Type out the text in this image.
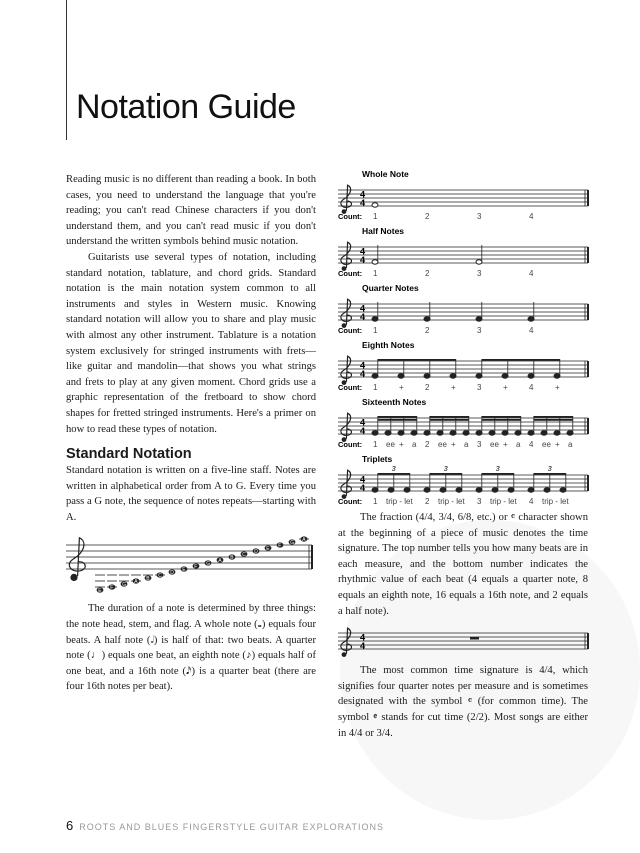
Notation Guide

Reading music is no different than reading a book. In both cases, you need to understand the language that you're reading; you can't read Chinese characters if you don't understand them, and you can't read music if you don't understand the written symbols behind music notation.

Guitarists use several types of notation, including standard notation, tablature, and chord grids. Standard notation is the main notation system common to all instruments and styles in Western music. Knowing standard notation will allow you to share and play music with almost any other instrument. Tablature is a notation system exclusively for stringed instruments with frets—like guitar and mandolin—that shows you what strings and frets to play at any given moment. Chord grids use a graphic representation of the fretboard to show chord shapes for fretted stringed instruments. Here's a primer on how to read these types of notation.

Standard Notation

Standard notation is written on a five-line staff. Notes are written in alphabetical order from A to G. Every time you pass a G note, the sequence of notes repeats—starting with A.

E F G A B C D E F G A B C D E F G A

The duration of a note is determined by three things: the note head, stem, and flag. A whole note (𝅝) equals four beats. A half note (𝅗𝅥) is half of that: two beats. A quarter note (♩) equals one beat, an eighth note (♪) equals half of one beat, and a 16th note (𝅘𝅥𝅯) is a quarter beat (there are four 16th notes per beat).

Whole Note
4
4
Count: 1	2	3	4
Half Notes
4
4
Count: 1	2	3	4
Quarter Notes
4
4
Count: 1	2	3	4
Eighth Notes
4
4
Count: 1	+	2	+	3	+	4	+
Sixteenth Notes
4
4
Count: 1 ee + a 2 ee + a 3 ee + a 4 ee + a
Triplets
4
4
Count:
3	3	3	3
1 trip - let 2 trip - let 3 trip - let 4 trip - let

The fraction (4/4, 3/4, 6/8, etc.) or 𝄴 character shown at the beginning of a piece of music denotes the time signature. The top number tells you how many beats are in each measure, and the bottom number indicates the rhythmic value of each beat (4 equals a quarter note, 8 equals an eighth note, 16 equals a 16th note, and 2 equals a half note).

4
4

The most common time signature is 4/4, which signifies four quarter notes per measure and is sometimes designated with the symbol 𝄴 (for common time). The symbol 𝄵 stands for cut time (2/2). Most songs are either in 4/4 or 3/4.

6 ROOTS AND BLUES FINGERSTYLE GUITAR EXPLORATIONS
